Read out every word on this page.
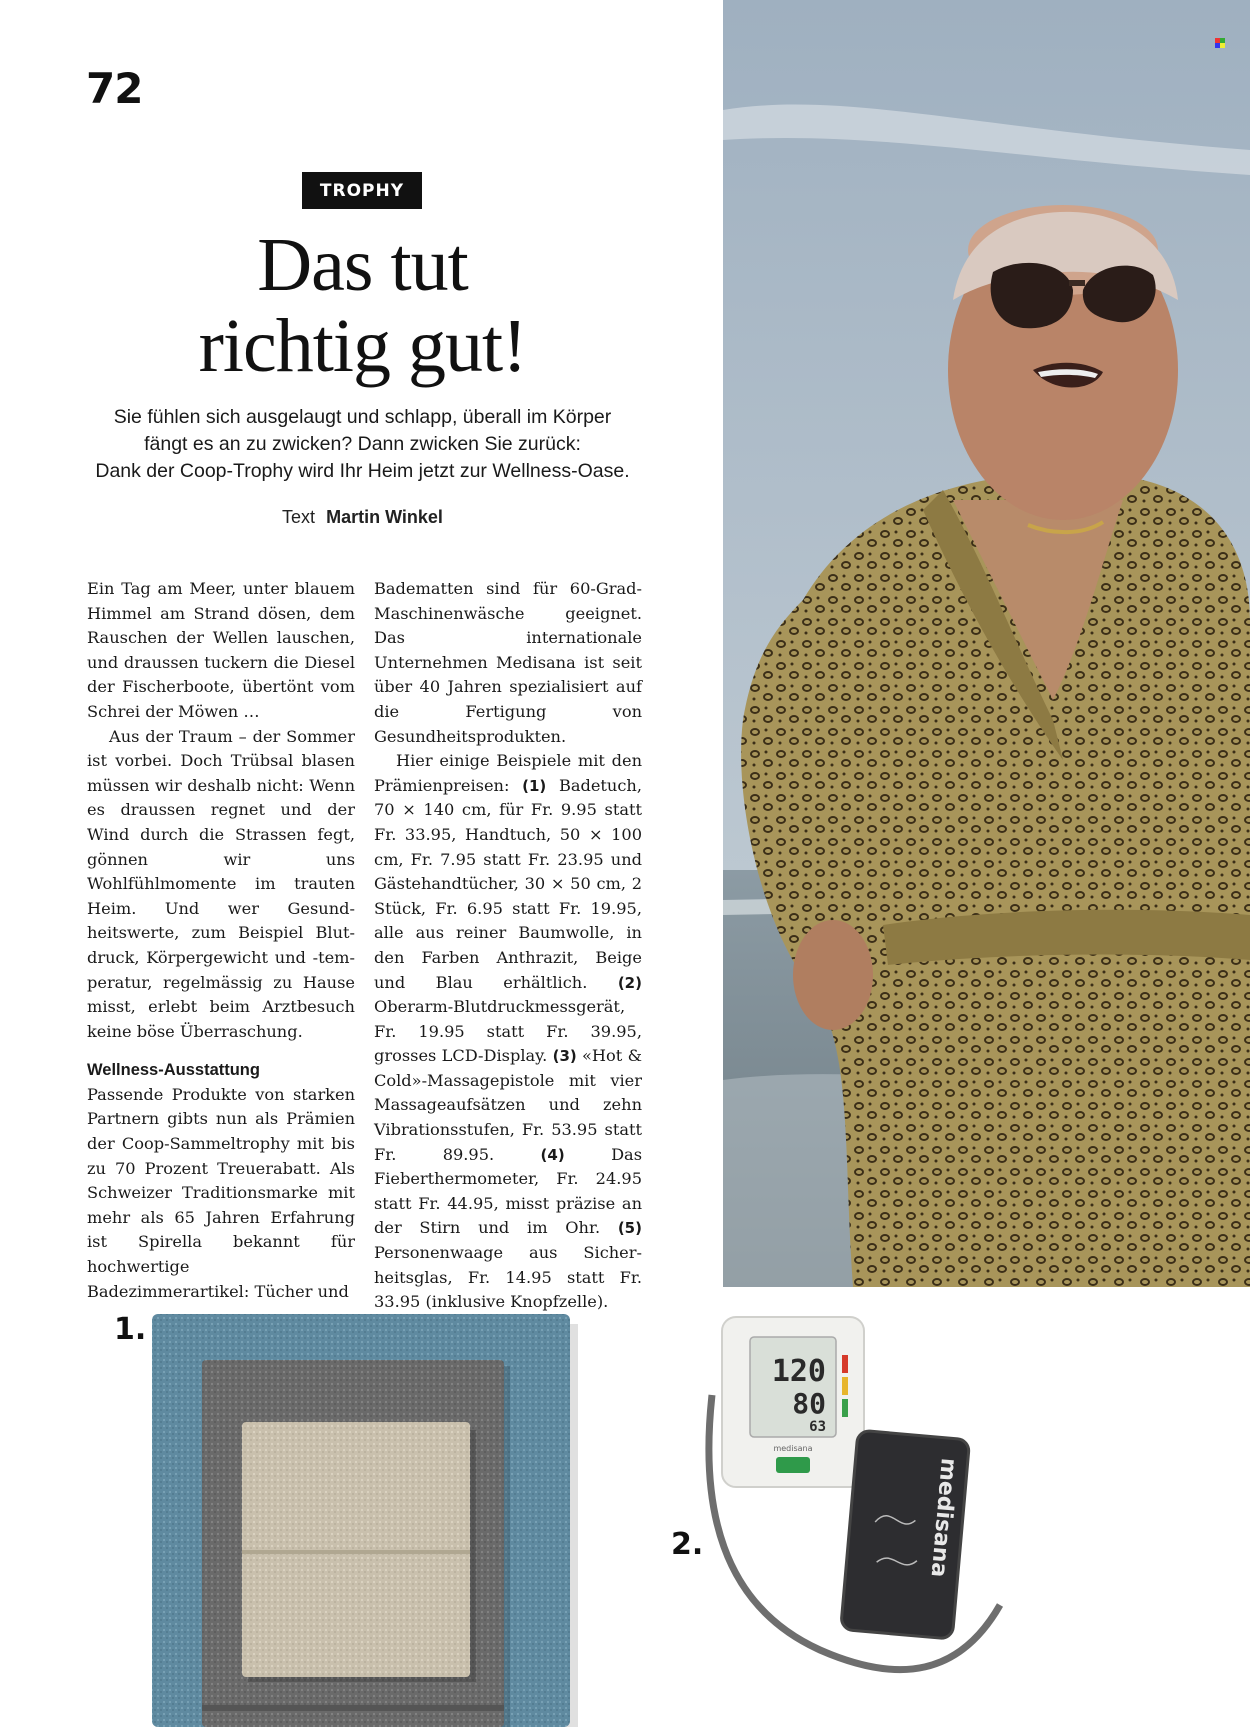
72
TROPHY
Das tut
richtig gut!
Sie fühlen sich ausgelaugt und schlapp, überall im Körper
fängt es an zu zwicken? Dann zwicken Sie zurück:
Dank der Coop-Trophy wird Ihr Heim jetzt zur Wellness-Oase.
Text Martin Winkel

Ein Tag am Meer, unter blauem Himmel am Strand dösen, dem Rauschen der Wellen lauschen, und draussen tuckern die Diesel der Fischerboote, übertönt vom Schrei der Möwen …

Aus der Traum – der Sommer ist vorbei. Doch Trübsal blasen müssen wir deshalb nicht: Wenn es draussen regnet und der Wind durch die Strassen fegt, gönnen wir uns Wohlfühlmomente im trauten Heim. Und wer Gesundheitswerte, zum Beispiel Blutdruck, Körpergewicht und -temperatur, regelmässig zu Hause misst, erlebt beim Arztbesuch keine böse Überraschung.

Wellness-Ausstattung

Passende Produkte von starken Partnern gibts nun als Prämien der Coop-Sammeltrophy mit bis zu 70 Prozent Treuerabatt. Als Schweizer Traditionsmarke mit mehr als 65 Jahren Erfahrung ist Spirella bekannt für hochwertige Badezimmerartikel: Tücher und

Badematten sind für 60-Grad-Maschinenwäsche geeignet. Das internationale Unternehmen Medisana ist seit über 40 Jahren spezialisiert auf die Fertigung von Gesundheitsprodukten.

Hier einige Beispiele mit den Prämienpreisen: (1) Badetuch, 70 × 140 cm, für Fr. 9.95 statt Fr. 33.95, Handtuch, 50 × 100 cm, Fr. 7.95 statt Fr. 23.95 und Gästehandtücher, 30 × 50 cm, 2 Stück, Fr. 6.95 statt Fr. 19.95, alle aus reiner Baumwolle, in den Farben Anthrazit, Beige und Blau erhältlich. (2) Oberarm-Blutdruckmessgerät, Fr. 19.95 statt Fr. 39.95, grosses LCD-Display. (3) «Hot & Cold»-Massagepistole mit vier Massageaufsätzen und zehn Vibrationsstufen, Fr. 53.95 statt Fr. 89.95.	(4)	Das Fieberthermometer, Fr. 24.95 statt Fr. 44.95, misst präzise an der Stirn und im Ohr. (5) Personenwaage aus Sicherheitsglas, Fr. 14.95 statt Fr. 33.95 (inklusive Knopfzelle).

1.
2.
120
80
63
medisana
medisana
